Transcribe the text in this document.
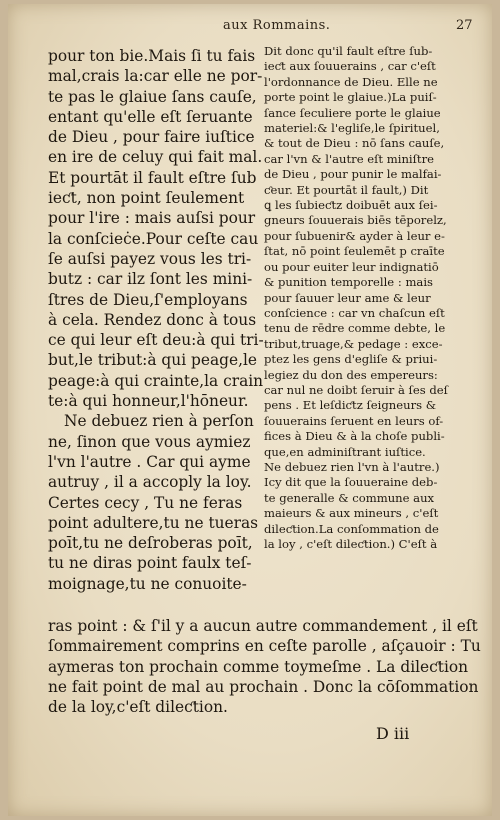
aux Rommains.	27
pour ton bie.Mais ſi tu fais
mal,crais la:car elle ne por-
te pas le glaiue ſans cauſe,
entant qu'elle eſt ſeruante
de Dieu , pour faire iuſtice
en ire de celuy qui fait mal.
Et pourtāt il fault eſtre ſub
ieƈt, non point ſeulement
pour l'ire : mais auſsi pour
la conſcieċe.Pour ceſte cau
ſe auſsi payez vous les tri-
butz : car ilz ſont les mini-
ſtres de Dieu,ſ'employans
à cela. Rendez donc à tous
ce qui leur eſt deu:à qui tri-
but,le tribut:à qui peage,le
peage:à qui crainte,la crain
te:à qui honneur,l'hōneur.
Ne debuez rien à perſon
ne, ſinon que vous aymiez
l'vn l'autre . Car qui ayme
autruy , il a accoply la loy.
Certes cecy , Tu ne feras
point adultere,tu ne tueras
poīt,tu ne deſroberas poīt,
tu ne diras point faulx teſ-
moignage,tu ne conuoite-
Dit donc qu'il fault eſtre ſub-
ieƈt aux ſouuerains , car c'eſt
l'ordonnance de Dieu. Elle ne
porte point le glaiue.)La puiſ-
ſance ſeculiere porte le glaiue
materiel:& l'egliſe,le ſpirituel,
& tout de Dieu : nō ſans cauſe,
car l'vn & l'autre eſt miniſtre
de Dieu , pour punir le malfai-
ƈeur. Et pourtāt il fault,) Dit
ꝗ les ſubieƈtz doibuēt aux ſei-
gneurs ſouuerais biēs tēporelz,
pour ſubuenir& ayder à leur e-
ſtat, nō point ſeulemēt p craīte
ou pour euiter leur indignatiō
& punition temporelle : mais
pour ſauuer leur ame & leur
conſcience : car vn chaſcun eſt
tenu de rēdre comme debte, le
tribut,truage,& pedage : exce-
ptez les gens d'egliſe & priui-
legiez du don des empereurs:
car nul ne doibt ſeruir à ſes deſ
pens . Et leſdiƈtz ſeigneurs &
ſouuerains ſeruent en leurs of-
fices à Dieu & à la choſe publi-
que,en adminiſtrant iuſtice.
Ne debuez rien l'vn à l'autre.)
Icy dit que la ſouueraine deb-
te generalle & commune aux
maieurs & aux mineurs , c'eſt
dileƈtion.La conſommation de
la loy , c'eſt dileƈtion.) C'eſt à
ras point : & ſ'il y a aucun autre commandement , il eſt
ſommairement comprins en ceſte parolle , aſçauoir : Tu
aymeras ton prochain comme toymeſme . La dileƈtion
ne fait point de mal au prochain . Donc la cōſommation
de la loy,c'eſt dileƈtion.
D iii
